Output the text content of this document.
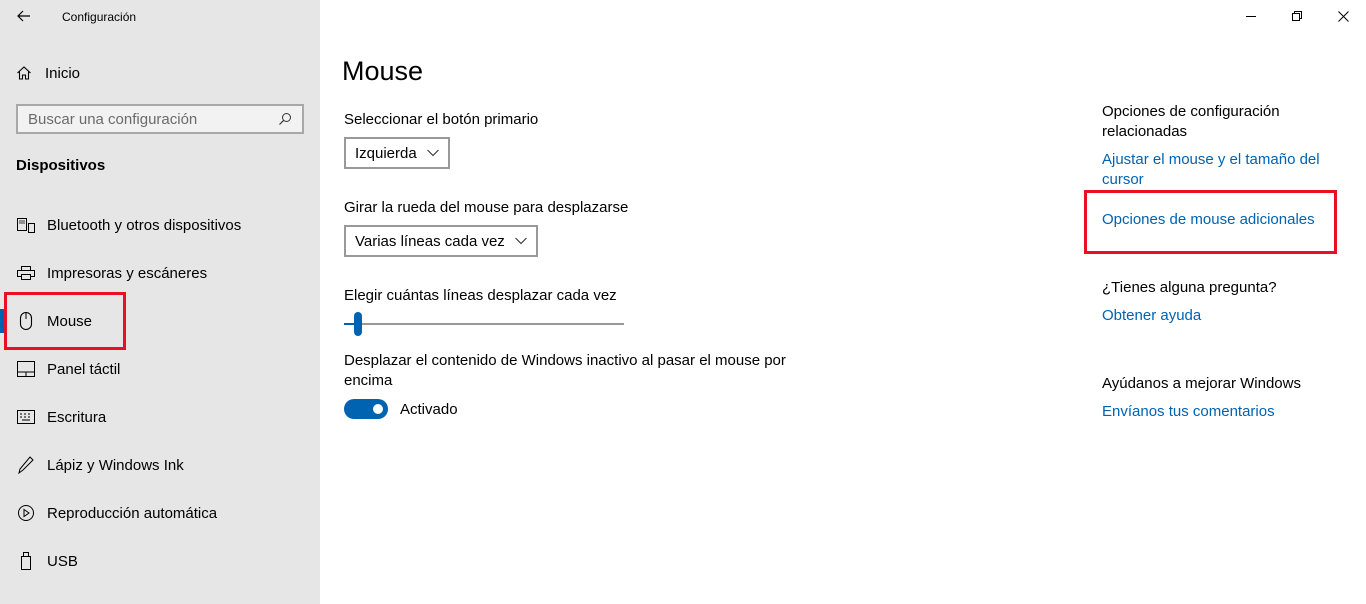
Configuración
Inicio
Buscar una configuración
Dispositivos
Bluetooth y otros dispositivos
Impresoras y escáneres
Mouse
Panel táctil
Escritura
Lápiz y Windows Ink
Reproducción automática
USB
Mouse
Seleccionar el botón primario
Izquierda
Girar la rueda del mouse para desplazarse
Varias líneas cada vez
Elegir cuántas líneas desplazar cada vez
Desplazar el contenido de Windows inactivo al pasar el mouse por encima
Activado
Opciones de configuración relacionadas
Ajustar el mouse y el tamaño del cursor
Opciones de mouse adicionales
¿Tienes alguna pregunta?
Obtener ayuda
Ayúdanos a mejorar Windows
Envíanos tus comentarios
